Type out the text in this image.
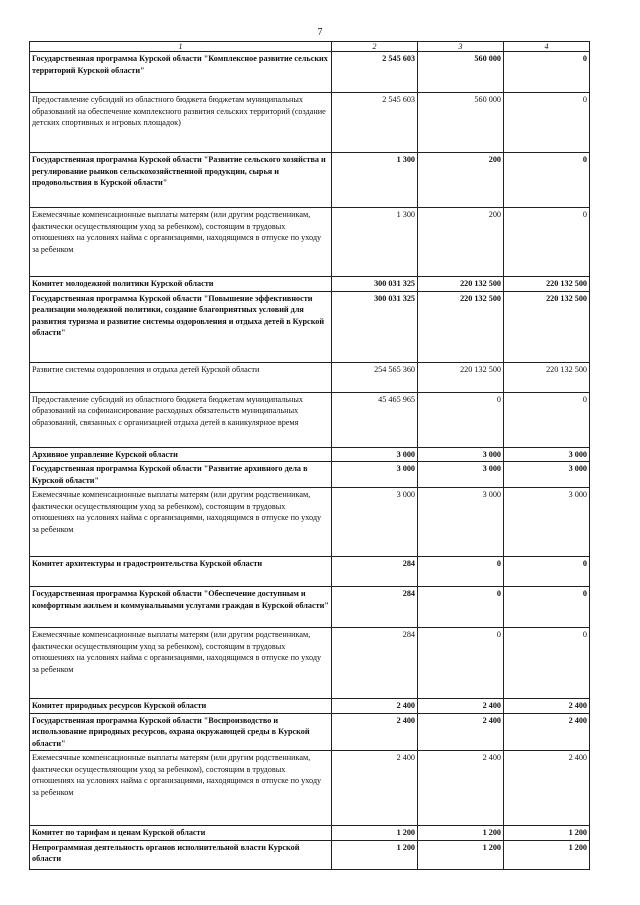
7
1	2	3	4
Государственная программа Курской области "Комплексное развитие сельских территорий Курской области"	2 545 603	560 000	0
Предоставление субсидий из областного бюджета бюджетам муниципальных образований на обеспечение комплексного развития сельских территорий (создание детских спортивных и игровых площадок)	2 545 603	560 000	0
Государственная программа Курской области "Развитие сельского хозяйства и регулирование рынков сельскохозяйственной продукции, сырья и продовольствия в Курской области"	1 300	200	0
Ежемесячные компенсационные выплаты матерям (или другим родственникам, фактически осуществляющим уход за ребенком), состоящим в трудовых отношениях на условиях найма с организациями, находящимся в отпуске по уходу за ребенком	1 300	200	0
Комитет молодежной политики Курской области	300 031 325	220 132 500	220 132 500
Государственная программа Курской области "Повышение эффективности реализации молодежной политики, создание благоприятных условий для развития туризма и развитие системы оздоровления и отдыха детей в Курской области"	300 031 325	220 132 500	220 132 500
Развитие системы оздоровления и отдыха детей Курской области	254 565 360	220 132 500	220 132 500
Предоставление субсидий из областного бюджета бюджетам муниципальных образований на софинансирование расходных обязательств муниципальных образований, связанных с организацией отдыха детей в каникулярное время	45 465 965	0	0
Архивное управление Курской области	3 000	3 000	3 000
Государственная программа Курской области "Развитие архивного дела в Курской области"	3 000	3 000	3 000
Ежемесячные компенсационные выплаты матерям (или другим родственникам, фактически осуществляющим уход за ребенком), состоящим в трудовых отношениях на условиях найма с организациями, находящимся в отпуске по уходу за ребенком	3 000	3 000	3 000
Комитет архитектуры и градостроительства Курской области	284	0	0
Государственная программа Курской области "Обеспечение доступным и комфортным жильем и коммунальными услугами граждан в Курской области"	284	0	0
Ежемесячные компенсационные выплаты матерям (или другим родственникам, фактически осуществляющим уход за ребенком), состоящим в трудовых отношениях на условиях найма с организациями, находящимся в отпуске по уходу за ребенком	284	0	0
Комитет природных ресурсов Курской области	2 400	2 400	2 400
Государственная программа Курской области "Воспроизводство и использование природных ресурсов, охрана окружающей среды в Курской области"	2 400	2 400	2 400
Ежемесячные компенсационные выплаты матерям (или другим родственникам, фактически осуществляющим уход за ребенком), состоящим в трудовых отношениях на условиях найма с организациями, находящимся в отпуске по уходу за ребенком	2 400	2 400	2 400
Комитет по тарифам и ценам Курской области	1 200	1 200	1 200
Непрограммная деятельность органов исполнительной власти Курской области	1 200	1 200	1 200
